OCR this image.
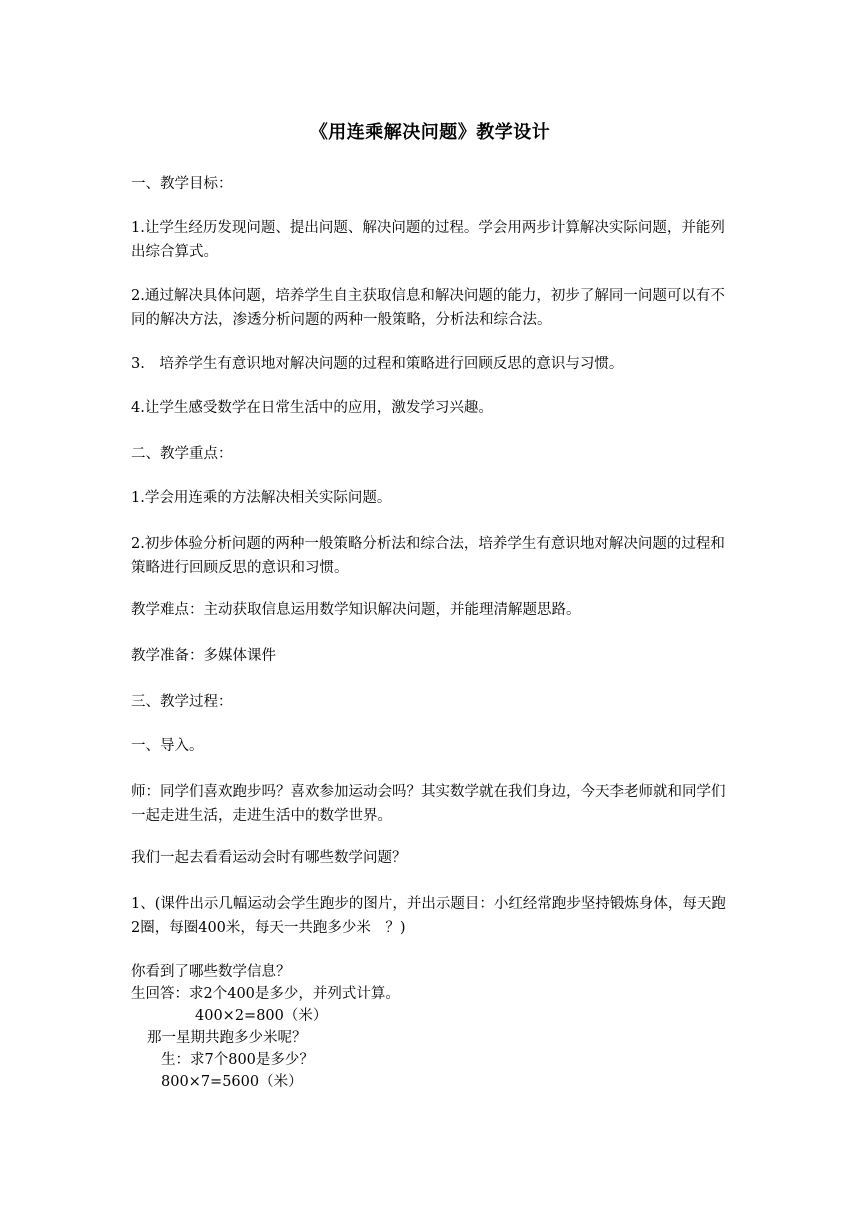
《用连乘解决问题》教学设计

一、教学目标：

1.让学生经历发现问题、提出问题、解决问题的过程。学会用两步计算解决实际问题，并能列出综合算式。

2.通过解决具体问题，培养学生自主获取信息和解决问题的能力，初步了解同一问题可以有不同的解决方法，渗透分析问题的两种一般策略，分析法和综合法。

3.　培养学生有意识地对解决问题的过程和策略进行回顾反思的意识与习惯。

4.让学生感受数学在日常生活中的应用，激发学习兴趣。

二、教学重点：

1.学会用连乘的方法解决相关实际问题。

2.初步体验分析问题的两种一般策略分析法和综合法，培养学生有意识地对解决问题的过程和策略进行回顾反思的意识和习惯。

教学难点：主动获取信息运用数学知识解决问题，并能理清解题思路。

教学准备：多媒体课件

三、教学过程：

一、导入。

师：同学们喜欢跑步吗？喜欢参加运动会吗？其实数学就在我们身边，今天李老师就和同学们一起走进生活，走进生活中的数学世界。

我们一起去看看运动会时有哪些数学问题？

1、(课件出示几幅运动会学生跑步的图片，并出示题目：小红经常跑步坚持锻炼身体，每天跑2圈，每圈400米，每天一共跑多少米　？)

你看到了哪些数学信息？

生回答：求2个400是多少，并列式计算。

400×2=800（米）

那一星期共跑多少米呢？

生：求7个800是多少？

800×7=5600（米）
